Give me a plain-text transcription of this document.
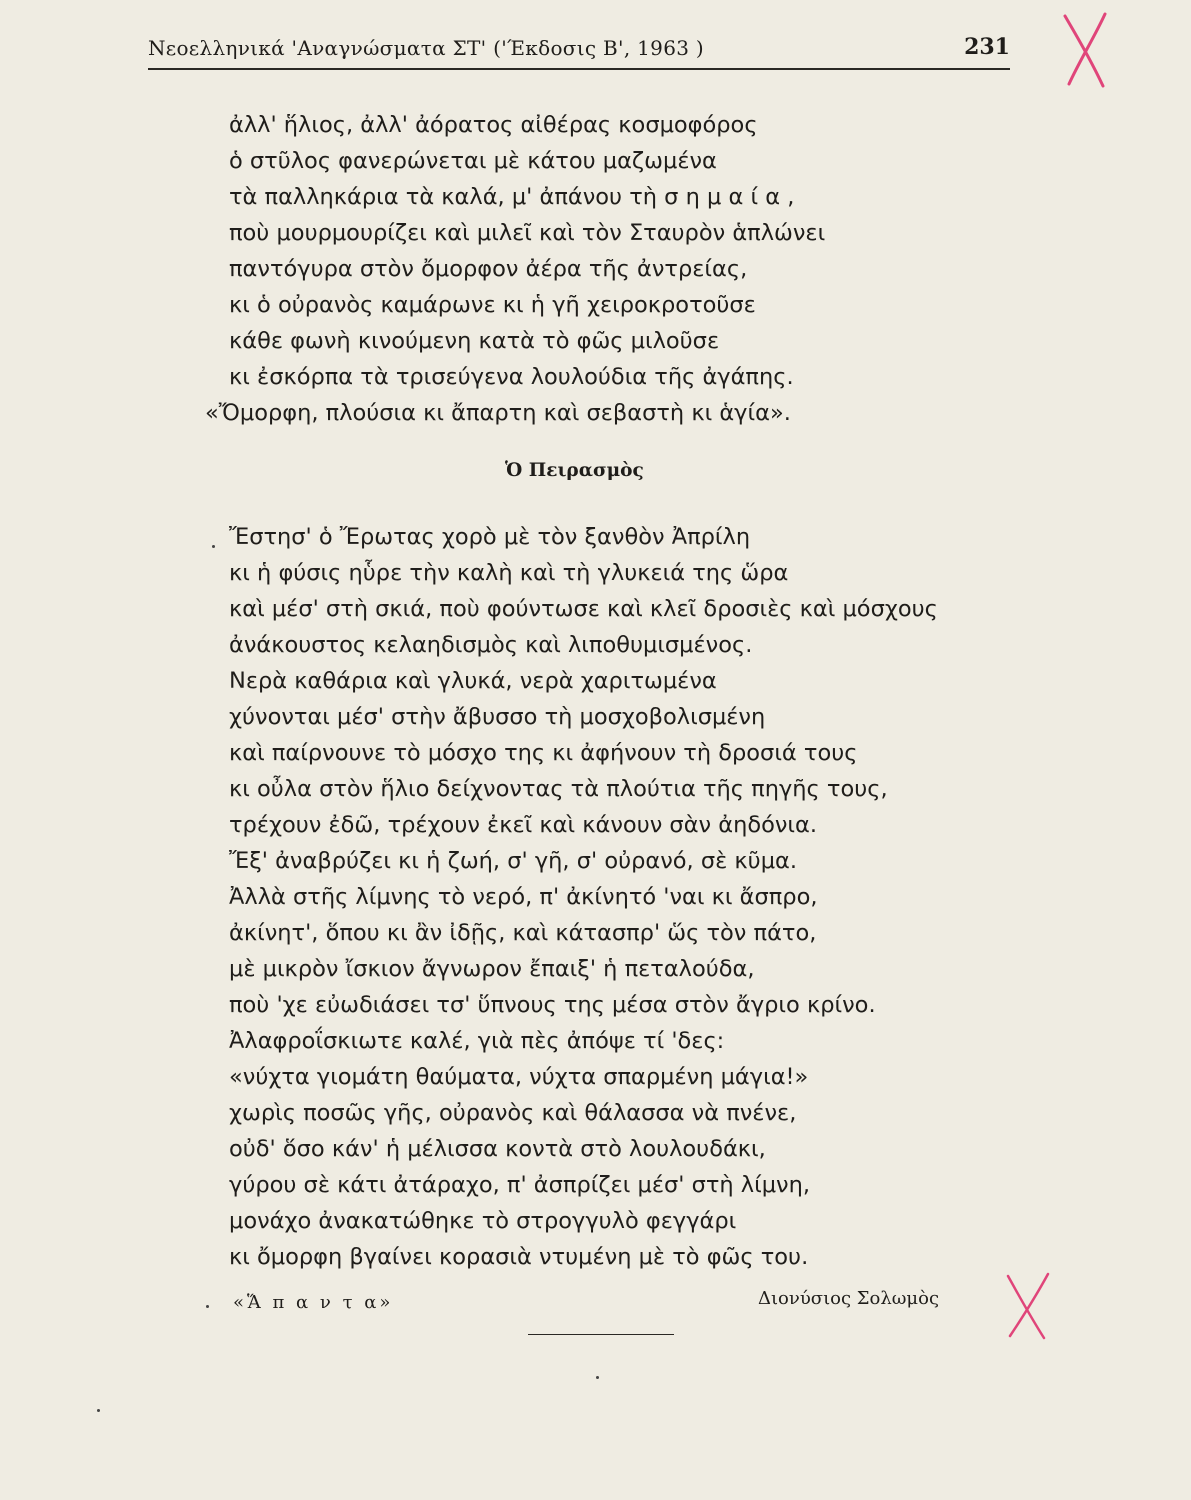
Νεοελληνικά 'Αναγνώσματα ΣΤ' ('Έκδοσις Β', 1963 )	231
ἀλλ' ἥλιος, ἀλλ' ἀόρατος αἰθέρας κοσμοφόρος
ὁ στῦλος φανερώνεται μὲ κάτου μαζωμένα
τὰ παλληκάρια τὰ καλά, μ' ἀπάνου τὴ σ η μ α ί α ,
ποὺ μουρμουρίζει καὶ μιλεῖ καὶ τὸν Σταυρὸν ἁπλώνει
παντόγυρα στὸν ὄμορφον ἀέρα τῆς ἀντρείας,
κι ὁ οὐρανὸς καμάρωνε κι ἡ γῆ χειροκροτοῦσε
κάθε φωνὴ κινούμενη κατὰ τὸ φῶς μιλοῦσε
κι ἐσκόρπα τὰ τρισεύγενα λουλούδια τῆς ἀγάπης.
«Ὄμορφη, πλούσια κι ἄπαρτη καὶ σεβαστὴ κι ἁγία».
Ὁ Πειρασμὸς
Ἔστησ' ὁ Ἔρωτας χορὸ μὲ τὸν ξανθὸν Ἀπρίλη
κι ἡ φύσις ηὗρε τὴν καλὴ καὶ τὴ γλυκειά της ὥρα
καὶ μέσ' στὴ σκιά, ποὺ φούντωσε καὶ κλεῖ δροσιὲς καὶ μόσχους
ἀνάκουστος κελαηδισμὸς καὶ λιποθυμισμένος.
Νερὰ καθάρια καὶ γλυκά, νερὰ χαριτωμένα
χύνονται μέσ' στὴν ἄβυσσο τὴ μοσχοβολισμένη
καὶ παίρνουνε τὸ μόσχο της κι ἀφήνουν τὴ δροσιά τους
κι οὖλα στὸν ἥλιο δείχνοντας τὰ πλούτια τῆς πηγῆς τους,
τρέχουν ἐδῶ, τρέχουν ἐκεῖ καὶ κάνουν σὰν ἀηδόνια.
Ἔξ' ἀναβρύζει κι ἡ ζωή, σ' γῆ, σ' οὐρανό, σὲ κῦμα.
Ἀλλὰ στῆς λίμνης τὸ νερό, π' ἀκίνητό 'ναι κι ἄσπρο,
ἀκίνητ', ὅπου κι ἂν ἰδῇς, καὶ κάτασπρ' ὥς τὸν πάτο,
μὲ μικρὸν ἴσκιον ἄγνωρον ἔπαιξ' ἡ πεταλούδα,
ποὺ 'χε εὐωδιάσει τσ' ὕπνους της μέσα στὸν ἄγριο κρίνο.
Ἀλαφροΐσκιωτε καλέ, γιὰ πὲς ἀπόψε τί 'δες:
«νύχτα γιομάτη θαύματα, νύχτα σπαρμένη μάγια!»
χωρὶς ποσῶς γῆς, οὐρανὸς καὶ θάλασσα νὰ πνένε,
οὐδ' ὅσο κάν' ἡ μέλισσα κοντὰ στὸ λουλουδάκι,
γύρου σὲ κάτι ἀτάραχο, π' ἀσπρίζει μέσ' στὴ λίμνη,
μονάχο ἀνακατώθηκε τὸ στρογγυλὸ φεγγάρι
κι ὄμορφη βγαίνει κορασιὰ ντυμένη μὲ τὸ φῶς του.
«Ἅ π α ν τ α»	Διονύσιος Σολωμὸς
